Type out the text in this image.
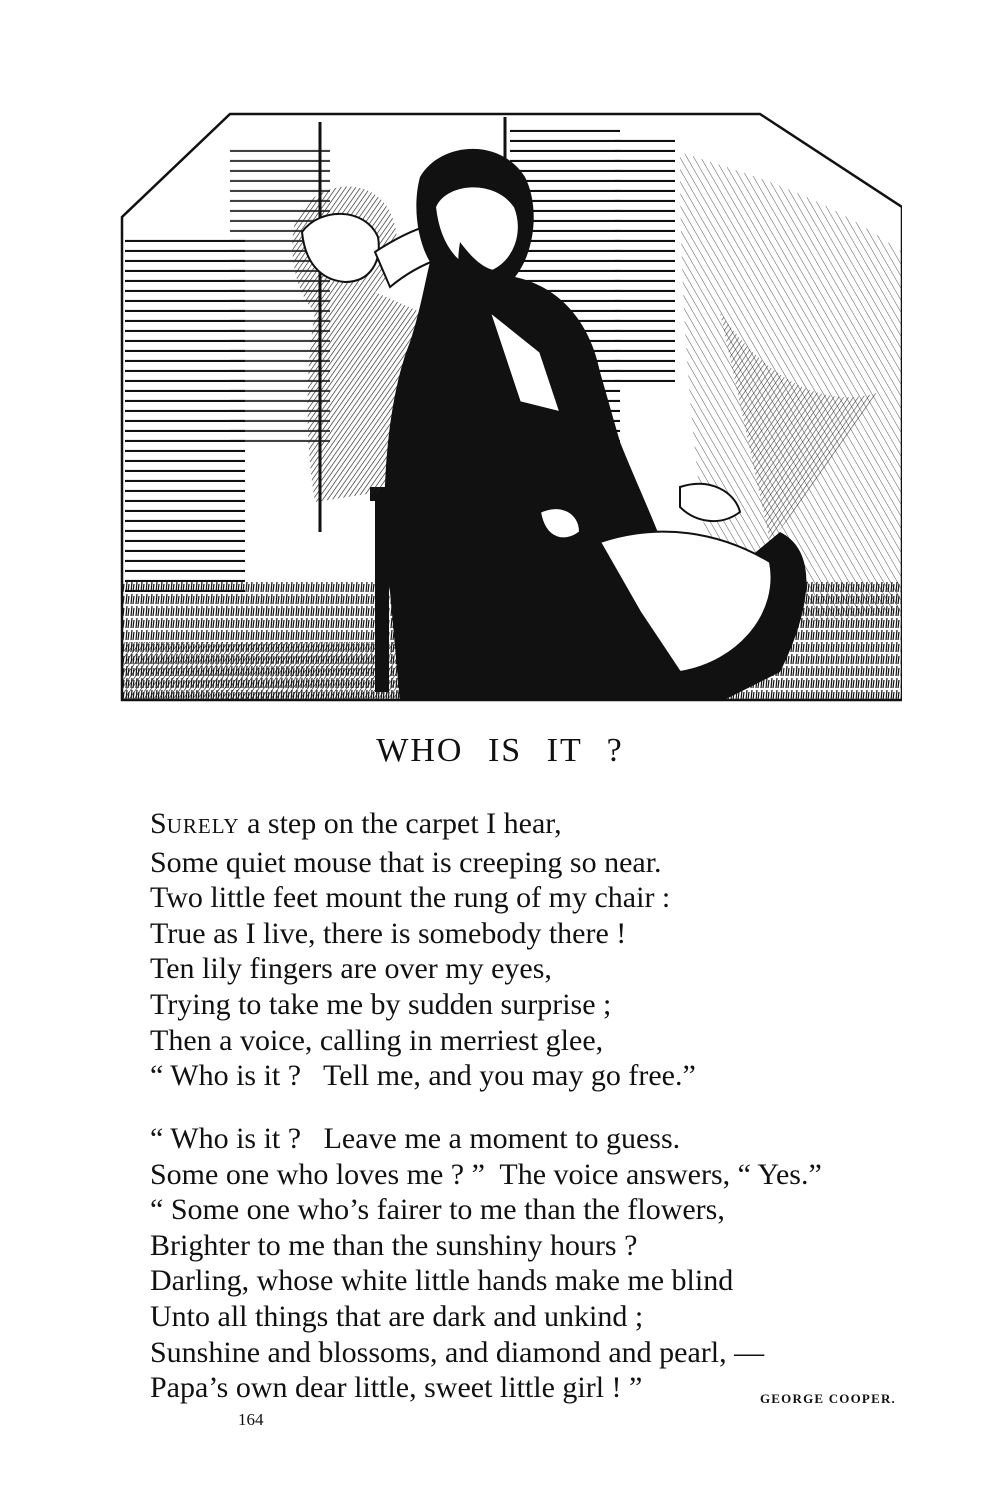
WHO IS IT ?
SURELY a step on the carpet I hear,
Some quiet mouse that is creeping so near.
Two little feet mount the rung of my chair :
True as I live, there is somebody there !
Ten lily fingers are over my eyes,
Trying to take me by sudden surprise ;
Then a voice, calling in merriest glee,
“ Who is it ?   Tell me, and you may go free.”
“ Who is it ?   Leave me a moment to guess.
Some one who loves me ? ”  The voice answers, “ Yes.”
“ Some one who’s fairer to me than the flowers,
Brighter to me than the sunshiny hours ?
Darling, whose white little hands make me blind
Unto all things that are dark and unkind ;
Sunshine and blossoms, and diamond and pearl, —
Papa’s own dear little, sweet little girl ! ”	GEORGE COOPER.
164
